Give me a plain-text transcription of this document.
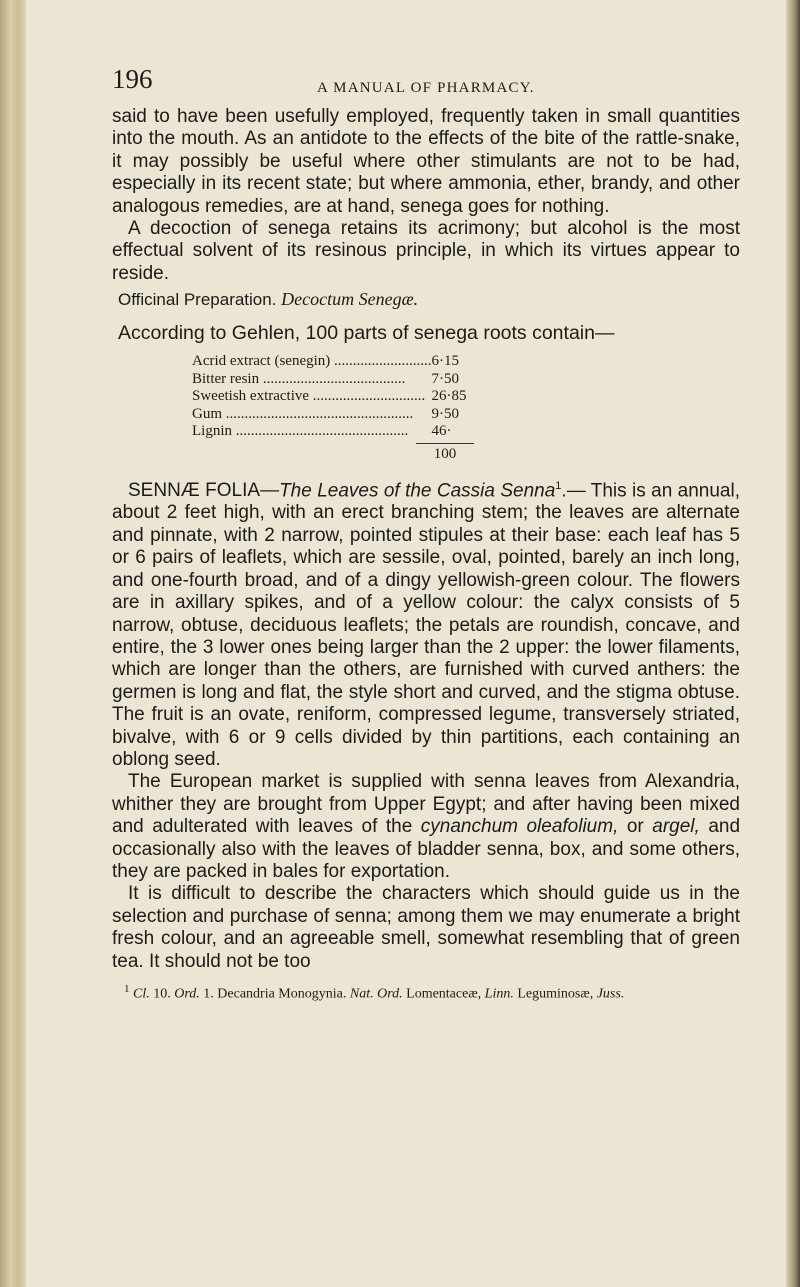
196	A MANUAL OF PHARMACY.

said to have been usefully employed, frequently taken in small quantities into the mouth. As an antidote to the effects of the bite of the rattle-snake, it may possibly be useful where other stimulants are not to be had, especially in its recent state; but where ammonia, ether, brandy, and other analogous remedies, are at hand, senega goes for nothing.

A decoction of senega retains its acrimony; but alcohol is the most effectual solvent of its resinous principle, in which its virtues appear to reside.

Officinal Preparation. Decoctum Senegæ.
According to Gehlen, 100 parts of senega roots contain—
Acrid extract (senegin) ..........................	6·15
Bitter resin ......................................	7·50
Sweetish extractive ..............................	26·85
Gum ..................................................	9·50
Lignin ..............................................	46·
100

SENNÆ FOLIA—The Leaves of the Cassia Senna$^1$.— This is an annual, about 2 feet high, with an erect branching stem; the leaves are alternate and pinnate, with 2 narrow, pointed stipules at their base: each leaf has 5 or 6 pairs of leaflets, which are sessile, oval, pointed, barely an inch long, and one-fourth broad, and of a dingy yellowish-green colour. The flowers are in axillary spikes, and of a yellow colour: the calyx consists of 5 narrow, obtuse, deciduous leaflets; the petals are roundish, concave, and entire, the 3 lower ones being larger than the 2 upper: the lower filaments, which are longer than the others, are furnished with curved anthers: the germen is long and flat, the style short and curved, and the stigma obtuse. The fruit is an ovate, reniform, compressed legume, transversely striated, bivalve, with 6 or 9 cells divided by thin partitions, each containing an oblong seed.

The European market is supplied with senna leaves from Alexandria, whither they are brought from Upper Egypt; and after having been mixed and adulterated with leaves of the cynanchum oleafolium, or argel, and occasionally also with the leaves of bladder senna, box, and some others, they are packed in bales for exportation.

It is difficult to describe the characters which should guide us in the selection and purchase of senna; among them we may enumerate a bright fresh colour, and an agreeable smell, somewhat resembling that of green tea. It should not be too

$^1$ Cl. 10. Ord. 1. Decandria Monogynia. Nat. Ord. Lomentaceæ, Linn. Leguminosæ, Juss.
